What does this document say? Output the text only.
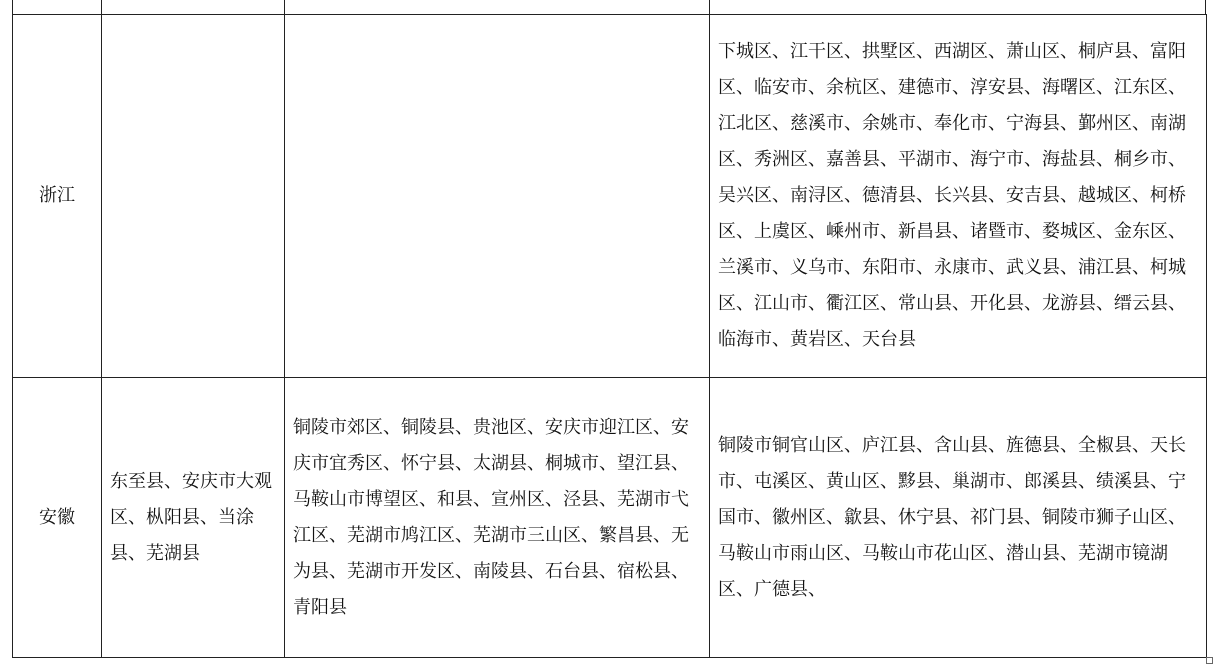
浙江			下城区、江干区、拱墅区、西湖区、萧山区、桐庐县、富阳区、临安市、余杭区、建德市、淳安县、海曙区、江东区、江北区、慈溪市、余姚市、奉化市、宁海县、鄞州区、南湖区、秀洲区、嘉善县、平湖市、海宁市、海盐县、桐乡市、吴兴区、南浔区、德清县、长兴县、安吉县、越城区、柯桥区、上虞区、嵊州市、新昌县、诸暨市、婺城区、金东区、兰溪市、义乌市、东阳市、永康市、武义县、浦江县、柯城区、江山市、衢江区、常山县、开化县、龙游县、缙云县、临海市、黄岩区、天台县
安徽	东至县、安庆市大观区、枞阳县、当涂县、芜湖县	铜陵市郊区、铜陵县、贵池区、安庆市迎江区、安庆市宜秀区、怀宁县、太湖县、桐城市、望江县、马鞍山市博望区、和县、宣州区、泾县、芜湖市弋江区、芜湖市鸠江区、芜湖市三山区、繁昌县、无为县、芜湖市开发区、南陵县、石台县、宿松县、青阳县	铜陵市铜官山区、庐江县、含山县、旌德县、全椒县、天长市、屯溪区、黄山区、黟县、巢湖市、郎溪县、绩溪县、宁国市、徽州区、歙县、休宁县、祁门县、铜陵市狮子山区、马鞍山市雨山区、马鞍山市花山区、潜山县、芜湖市镜湖区、广德县、
